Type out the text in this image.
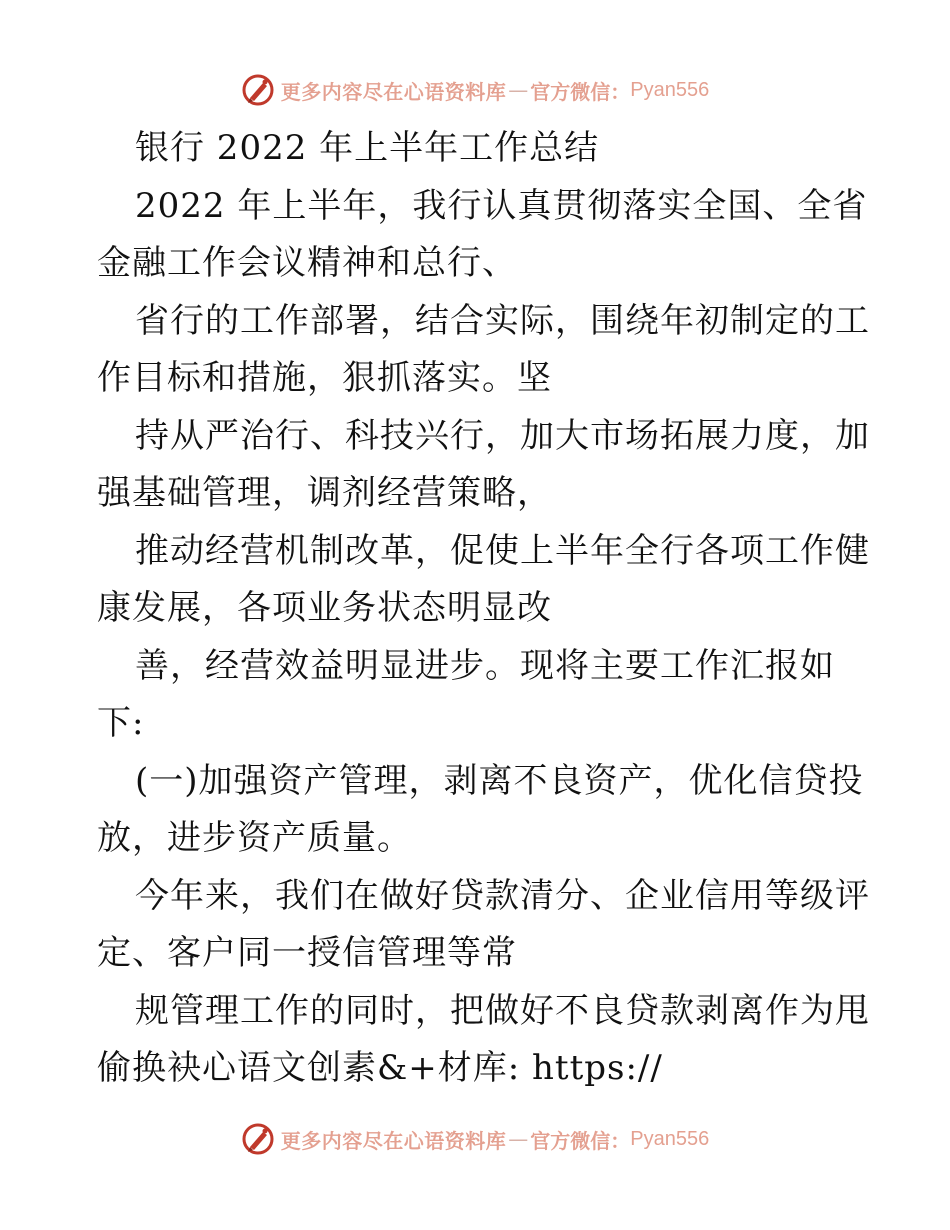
更多内容尽在心语资料库 — 官方微信： Pyan556
银行 2022 年上半年工作总结
2022 年上半年，我行认真贯彻落实全国、全省
金融工作会议精神和总行、
省行的工作部署，结合实际，围绕年初制定的工
作目标和措施，狠抓落实。坚
持从严治行、科技兴行，加大市场拓展力度，加
强基础管理，调剂经营策略，
推动经营机制改革，促使上半年全行各项工作健
康发展，各项业务状态明显改
善，经营效益明显进步。现将主要工作汇报如
下:
(一)加强资产管理，剥离不良资产，优化信贷投
放，进步资产质量。
今年来，我们在做好贷款清分、企业信用等级评
定、客户同一授信管理等常
规管理工作的同时，把做好不良贷款剥离作为甩
偷换袂心语文创素&+材库: https://
更多内容尽在心语资料库 — 官方微信： Pyan556
